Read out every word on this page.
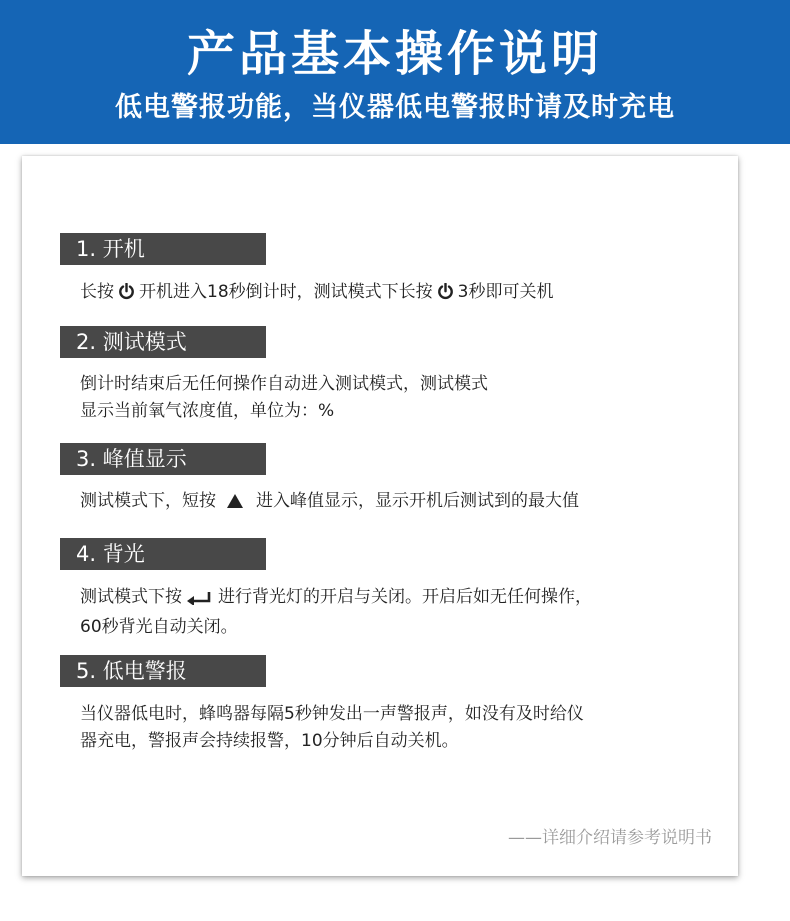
产品基本操作说明
低电警报功能，当仪器低电警报时请及时充电
1. 开机
长按 开机进入18秒倒计时，测试模式下长按 3秒即可关机
2. 测试模式
倒计时结束后无任何操作自动进入测试模式，测试模式
显示当前氧气浓度值，单位为：%
3. 峰值显示
测试模式下，短按 进入峰值显示，显示开机后测试到的最大值
4. 背光
测试模式下按 进行背光灯的开启与关闭。开启后如无任何操作，
60秒背光自动关闭。
5. 低电警报
当仪器低电时，蜂鸣器每隔5秒钟发出一声警报声，如没有及时给仪
器充电，警报声会持续报警，10分钟后自动关机。
——详细介绍请参考说明书
